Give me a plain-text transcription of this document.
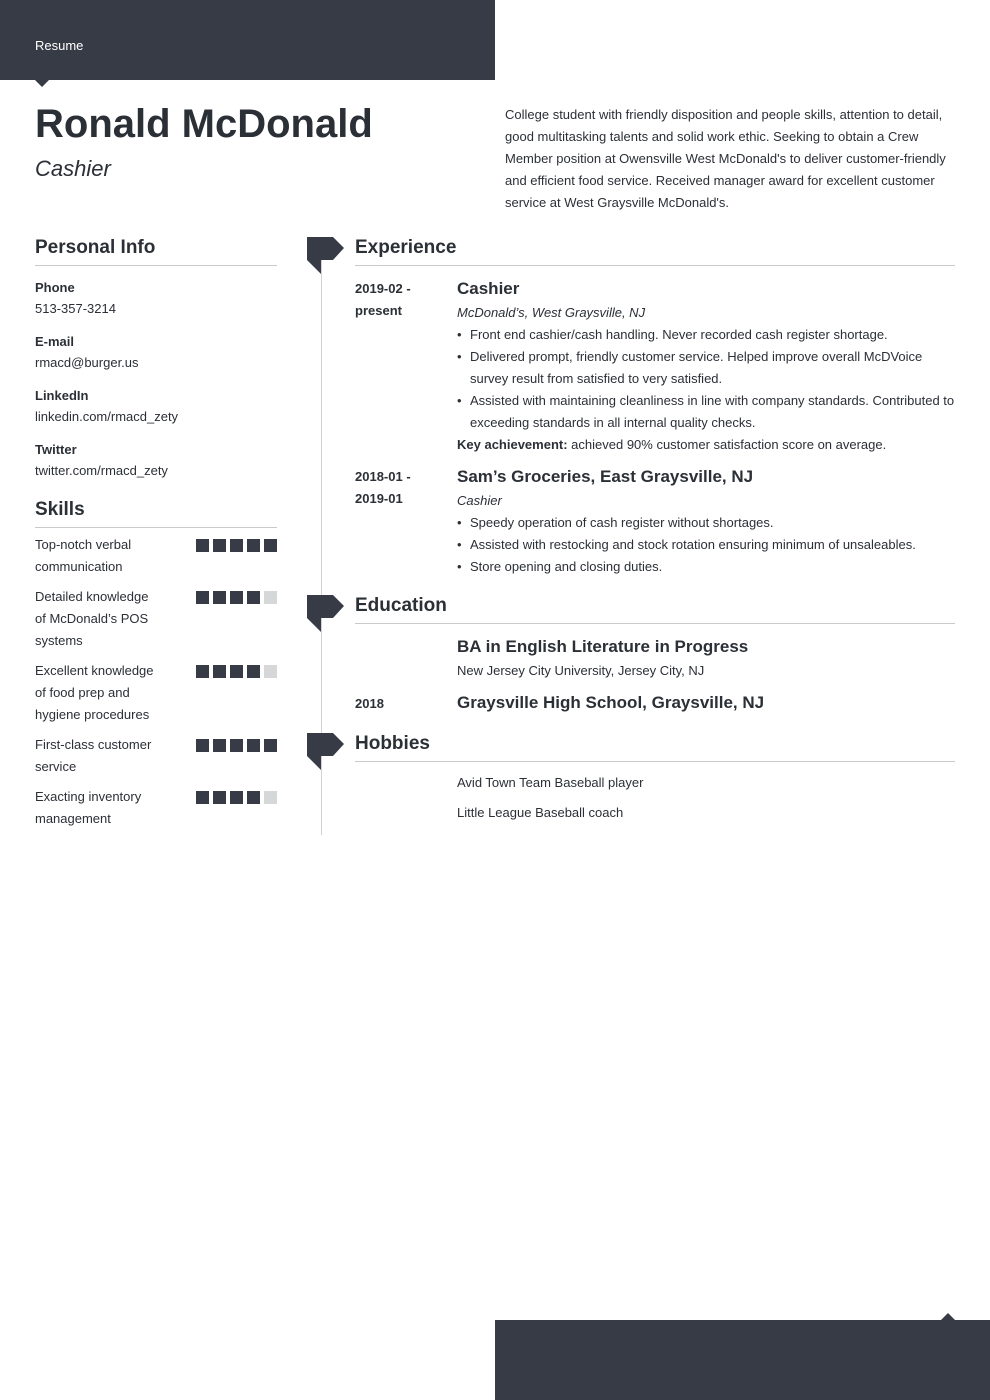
Resume
Ronald McDonald
Cashier

College student with friendly disposition and people skills, attention to detail, good multitasking talents and solid work ethic. Seeking to obtain a Crew Member position at Owensville West McDonald's to deliver customer-friendly and efficient food service. Received manager award for excellent customer service at West Graysville McDonald's.

Personal Info
Phone
513-357-3214
E-mail
rmacd@burger.us
LinkedIn
linkedin.com/rmacd_zety
Twitter
twitter.com/rmacd_zety
Skills
Top-notch verbal communication
Detailed knowledge of McDonald’s POS systems
Excellent knowledge of food prep and hygiene procedures
First-class customer service
Exacting inventory management
Experience
2019-02 -
present
Cashier
McDonald’s, West Graysville, NJ
• Front end cashier/cash handling. Never recorded cash register shortage.
• Delivered prompt, friendly customer service. Helped improve overall McDVoice survey result from satisfied to very satisfied.
• Assisted with maintaining cleanliness in line with company standards. Contributed to exceeding standards in all internal quality checks.
Key achievement: achieved 90% customer satisfaction score on average.
2018-01 -
2019-01
Sam’s Groceries, East Graysville, NJ
Cashier
• Speedy operation of cash register without shortages.
• Assisted with restocking and stock rotation ensuring minimum of unsaleables.
• Store opening and closing duties.
Education
BA in English Literature in Progress
New Jersey City University, Jersey City, NJ
2018	Graysville High School, Graysville, NJ
Hobbies
Avid Town Team Baseball player
Little League Baseball coach
